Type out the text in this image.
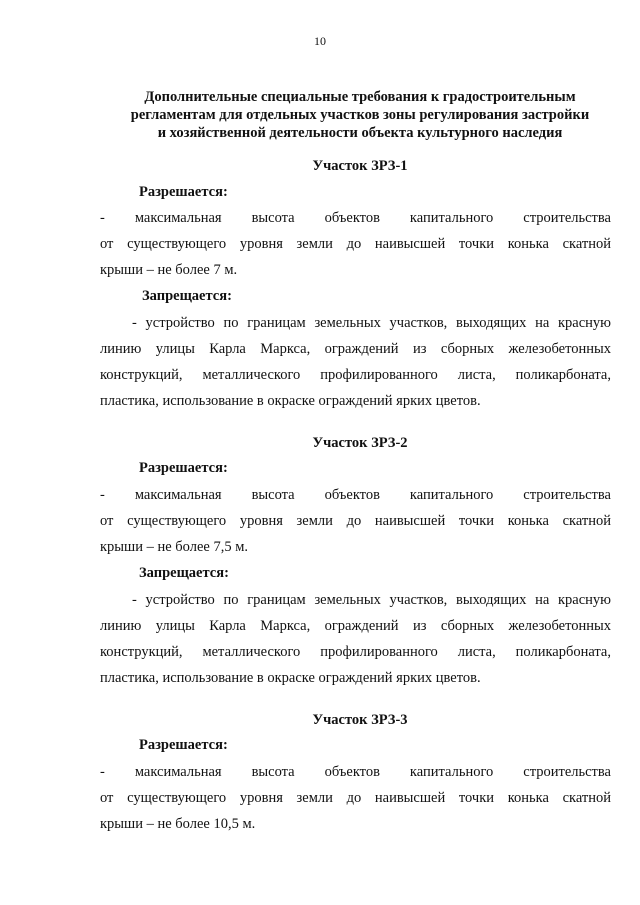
10
Дополнительные специальные требования к градостроительным
регламентам для отдельных участков зоны регулирования застройки
и хозяйственной деятельности объекта культурного наследия
Участок ЗРЗ-1
Разрешается:
- максимальная высота объектов капитального строительства
от существующего уровня земли до наивысшей точки конька скатной
крыши – не более 7 м.
Запрещается:
- устройство по границам земельных участков, выходящих на красную
линию улицы Карла Маркса, ограждений из сборных железобетонных
конструкций, металлического профилированного листа, поликарбоната,
пластика, использование в окраске ограждений ярких цветов.
Участок ЗРЗ-2
Разрешается:
- максимальная высота объектов капитального строительства
от существующего уровня земли до наивысшей точки конька скатной
крыши – не более 7,5 м.
Запрещается:
- устройство по границам земельных участков, выходящих на красную
линию улицы Карла Маркса, ограждений из сборных железобетонных
конструкций, металлического профилированного листа, поликарбоната,
пластика, использование в окраске ограждений ярких цветов.
Участок ЗРЗ-3
Разрешается:
- максимальная высота объектов капитального строительства
от существующего уровня земли до наивысшей точки конька скатной
крыши – не более 10,5 м.
